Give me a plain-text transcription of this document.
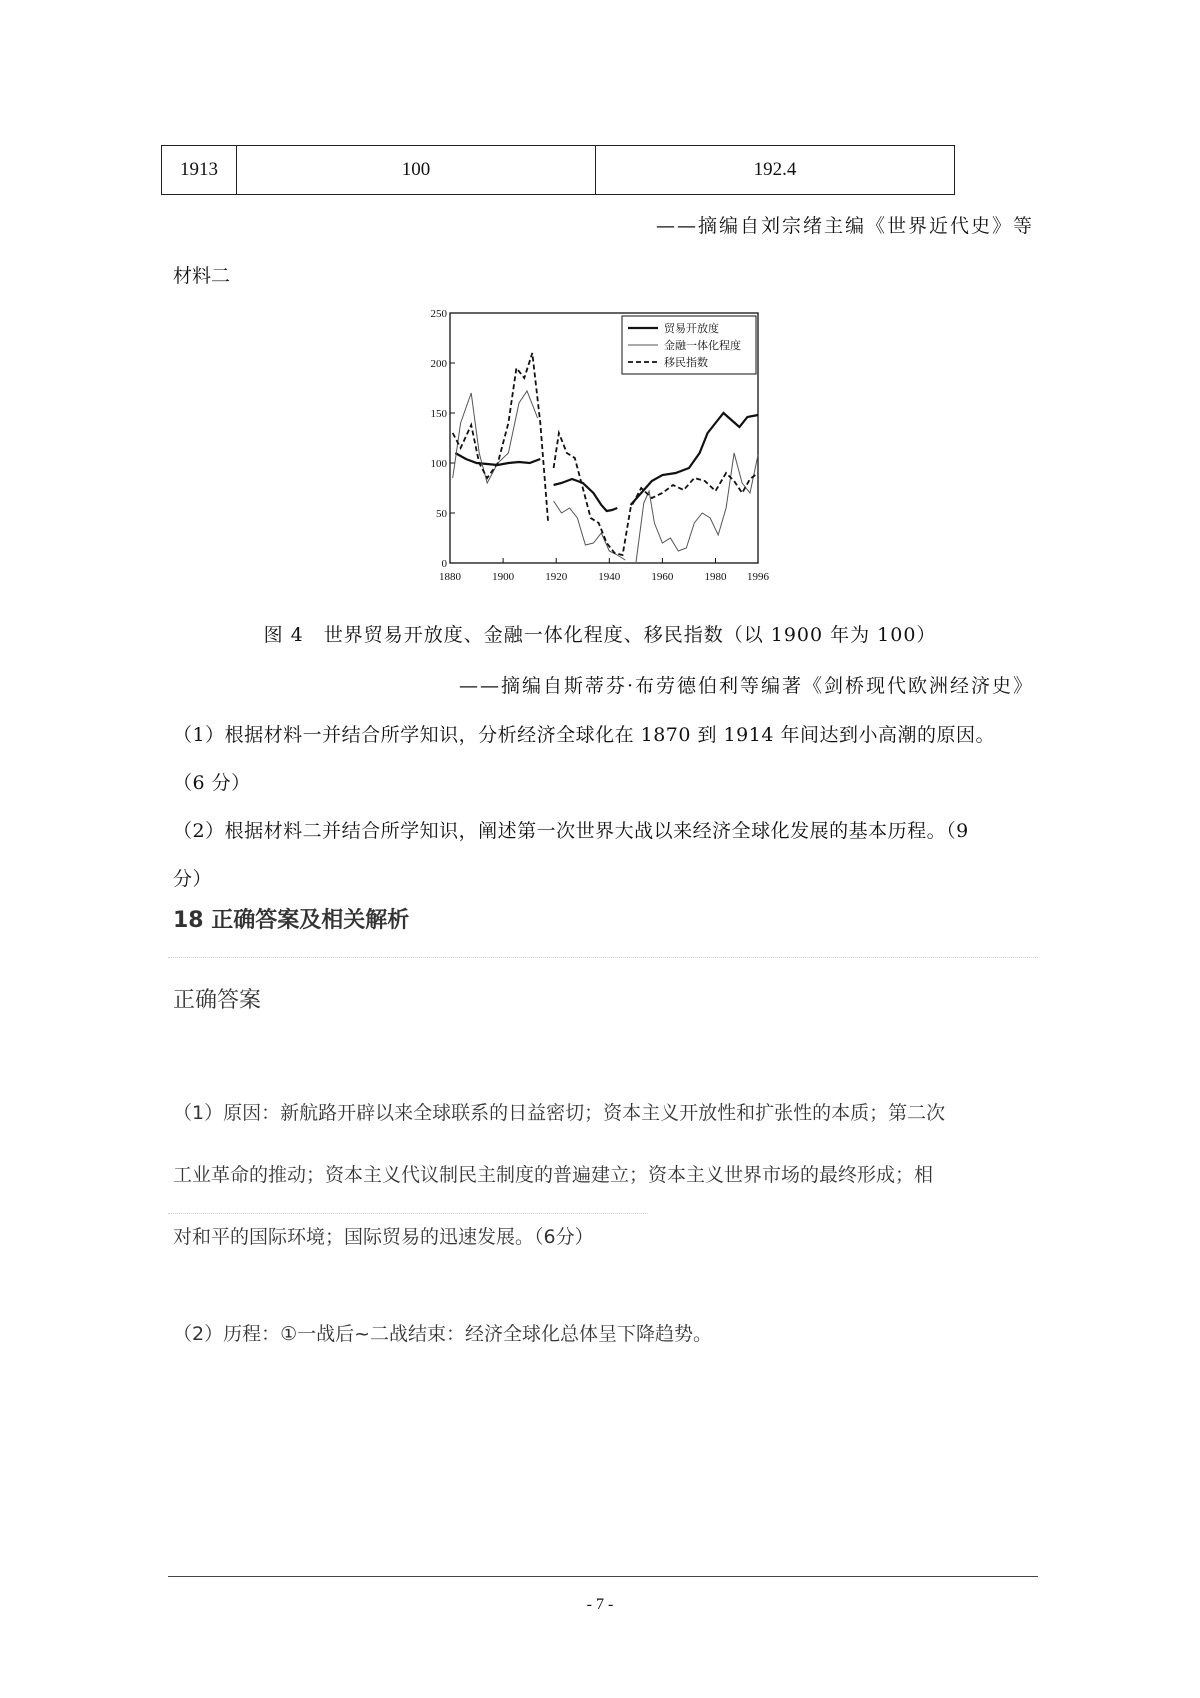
1913	100	192.4
——摘编自刘宗绪主编《世界近代史》等
材料二
250
200
150
100
50
0
1880	1900	1920	1940	1960	1980 1996
贸易开放度
金融一体化程度
移民指数
图 4　世界贸易开放度、金融一体化程度、移民指数（以 1900 年为 100）
——摘编自斯蒂芬·布劳德伯利等编著《剑桥现代欧洲经济史》
（1）根据材料一并结合所学知识，分析经济全球化在 1870 到 1914 年间达到小高潮的原因。
（6 分）
（2）根据材料二并结合所学知识，阐述第一次世界大战以来经济全球化发展的基本历程。（9
分）
18 正确答案及相关解析
正确答案
（1）原因：新航路开辟以来全球联系的日益密切；资本主义开放性和扩张性的本质；第二次
工业革命的推动；资本主义代议制民主制度的普遍建立；资本主义世界市场的最终形成；相
对和平的国际环境；国际贸易的迅速发展。（6分）
（2）历程：①一战后~二战结束：经济全球化总体呈下降趋势。
- 7 -
